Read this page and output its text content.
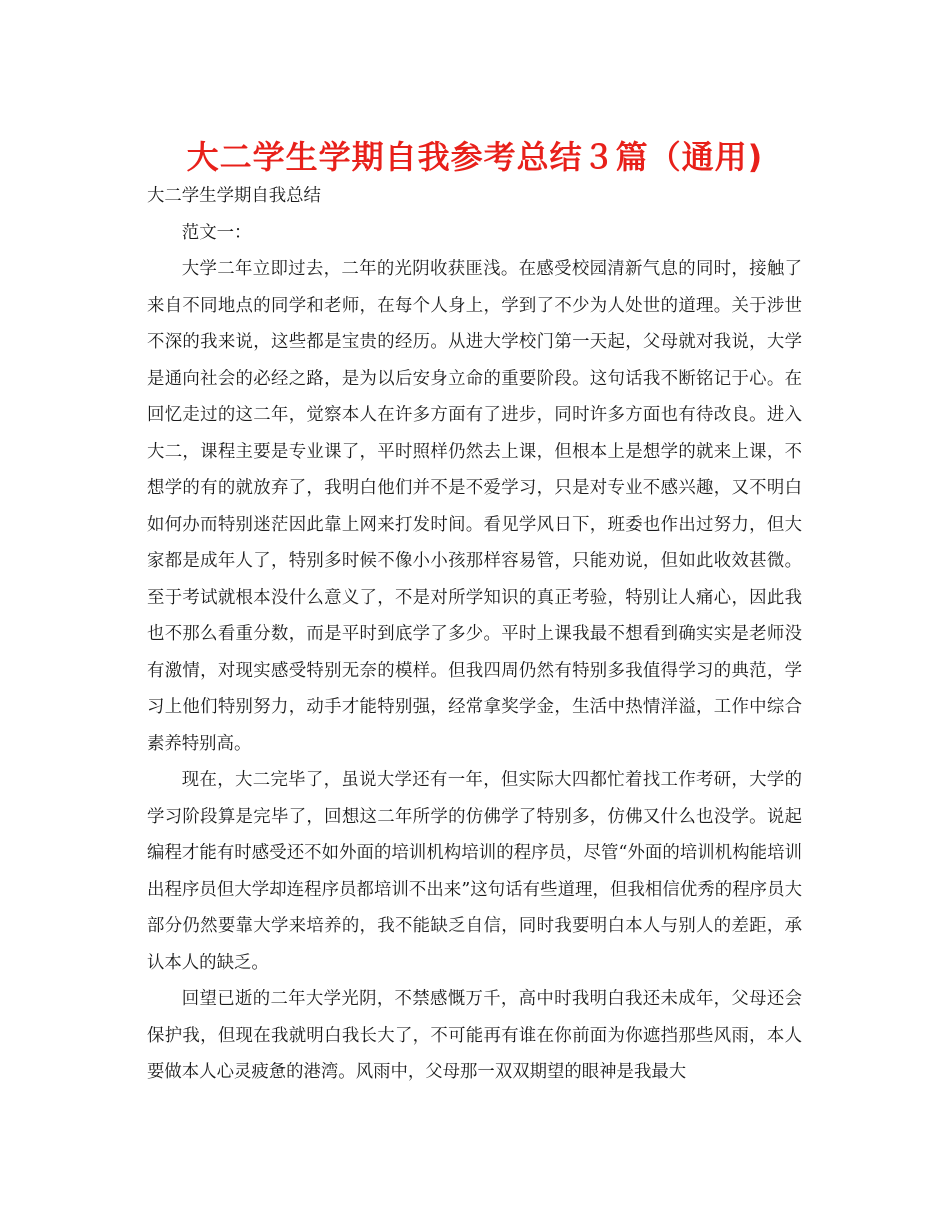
大二学生学期自我参考总结３篇（通用)

大二学生学期自我总结

范文一：

大学二年立即过去，二年的光阴收获匪浅。在感受校园清新气息的同时，接触了来自不同地点的同学和老师，在每个人身上，学到了不少为人处世的道理。关于涉世不深的我来说，这些都是宝贵的经历。从进大学校门第一天起，父母就对我说，大学是通向社会的必经之路，是为以后安身立命的重要阶段。这句话我不断铭记于心。在回忆走过的这二年，觉察本人在许多方面有了进步，同时许多方面也有待改良。进入大二，课程主要是专业课了，平时照样仍然去上课，但根本上是想学的就来上课，不想学的有的就放弃了，我明白他们并不是不爱学习，只是对专业不感兴趣，又不明白如何办而特别迷茫因此靠上网来打发时间。看见学风日下，班委也作出过努力，但大家都是成年人了，特别多时候不像小小孩那样容易管，只能劝说，但如此收效甚微。至于考试就根本没什么意义了，不是对所学知识的真正考验，特别让人痛心，因此我也不那么看重分数，而是平时到底学了多少。平时上课我最不想看到确实实是老师没有激情，对现实感受特别无奈的模样。但我四周仍然有特别多我值得学习的典范，学习上他们特别努力，动手才能特别强，经常拿奖学金，生活中热情洋溢，工作中综合素养特别高。

现在，大二完毕了，虽说大学还有一年，但实际大四都忙着找工作考研，大学的学习阶段算是完毕了，回想这二年所学的仿佛学了特别多，仿佛又什么也没学。说起编程才能有时感受还不如外面的培训机构培训的程序员，尽管“外面的培训机构能培训出程序员但大学却连程序员都培训不出来”这句话有些道理，但我相信优秀的程序员大部分仍然要靠大学来培养的，我不能缺乏自信，同时我要明白本人与别人的差距，承认本人的缺乏。

回望已逝的二年大学光阴，不禁感慨万千，高中时我明白我还未成年，父母还会保护我，但现在我就明白我长大了，不可能再有谁在你前面为你遮挡那些风雨，本人要做本人心灵疲惫的港湾。风雨中，父母那一双双期望的眼神是我最大
